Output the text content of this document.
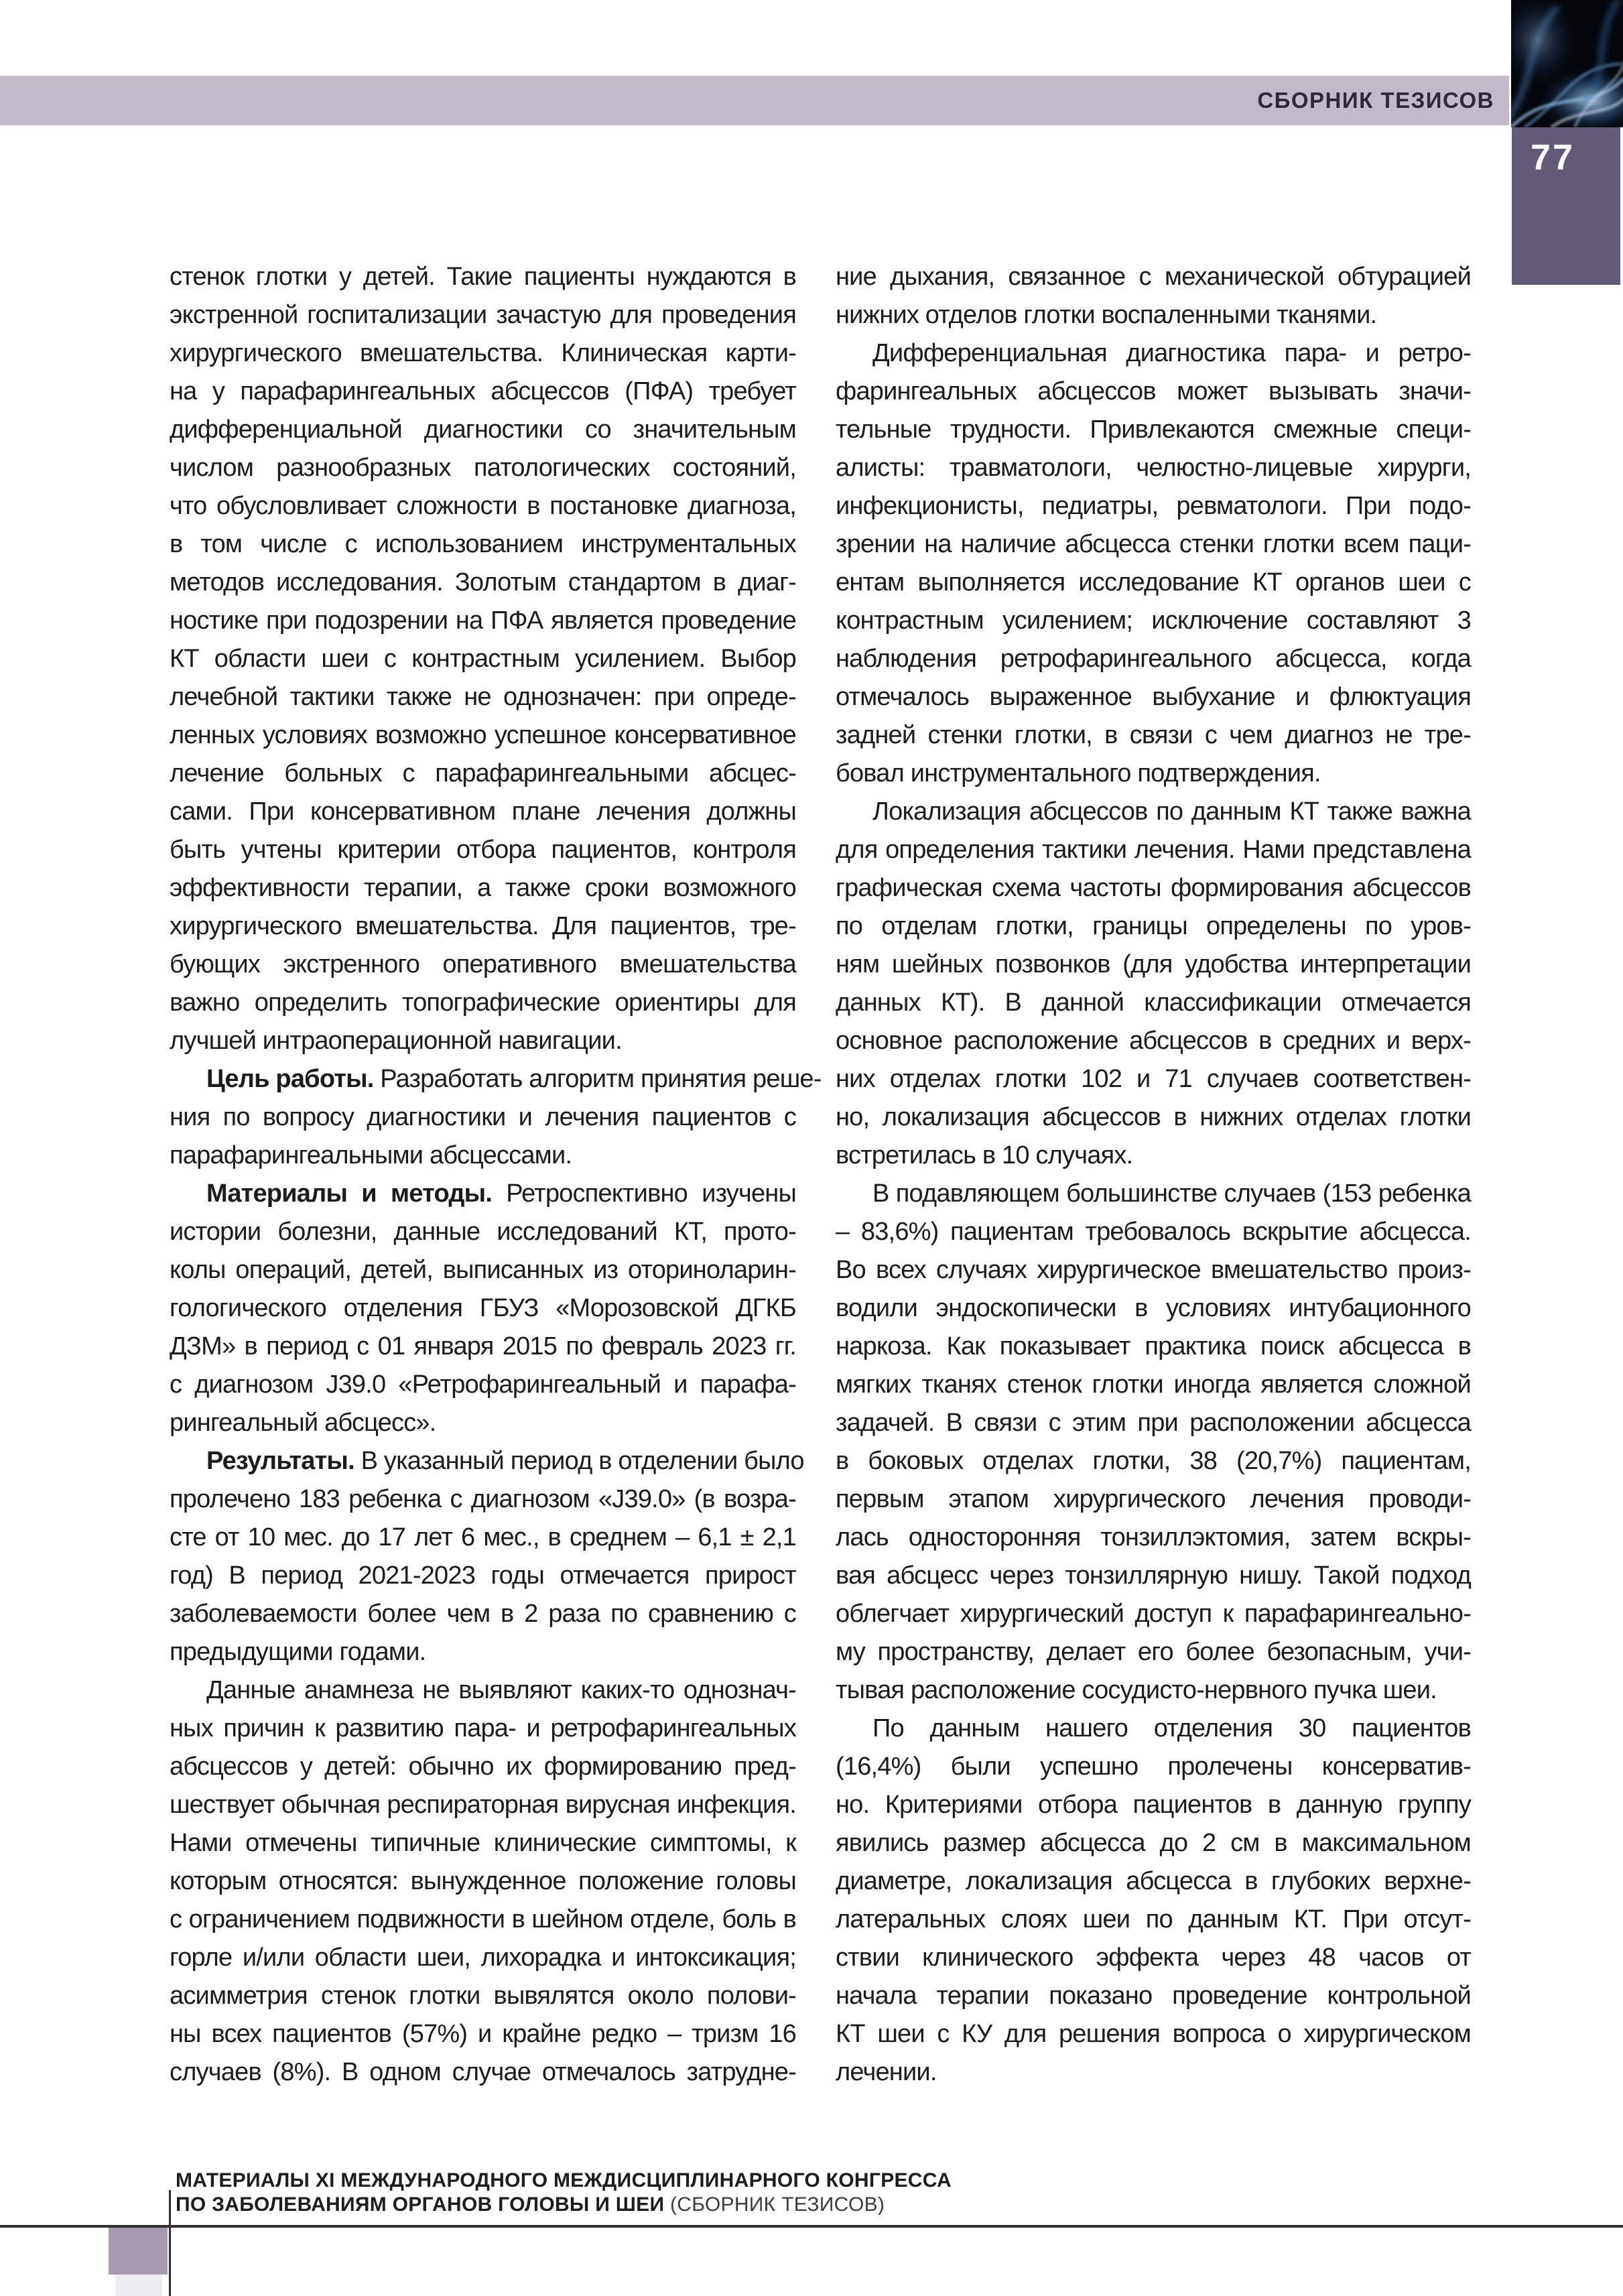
СБОРНИК ТЕЗИСОВ
77
стенок глотки у детей. Такие пациенты нуждаются в
экстренной госпитализации зачастую для проведения
хирургического вмешательства. Клиническая карти-
на у парафарингеальных абсцессов (ПФА) требует
дифференциальной диагностики со значительным
числом разнообразных патологических состояний,
что обусловливает сложности в постановке диагноза,
в том числе с использованием инструментальных
методов исследования. Золотым стандартом в диаг-
ностике при подозрении на ПФА является проведение
КТ области шеи с контрастным усилением. Выбор
лечебной тактики также не однозначен: при опреде-
ленных условиях возможно успешное консервативное
лечение больных с парафарингеальными абсцес-
сами. При консервативном плане лечения должны
быть учтены критерии отбора пациентов, контроля
эффективности терапии, а также сроки возможного
хирургического вмешательства. Для пациентов, тре-
бующих экстренного оперативного вмешательства
важно определить топографические ориентиры для
лучшей интраоперационной навигации.
Цель работы. Разработать алгоритм принятия реше-
ния по вопросу диагностики и лечения пациентов с
парафарингеальными абсцессами.
Материалы и методы. Ретроспективно изучены
истории болезни, данные исследований КТ, прото-
колы операций, детей, выписанных из оториноларин-
гологического отделения ГБУЗ «Морозовской ДГКБ
ДЗМ» в период с 01 января 2015 по февраль 2023 гг.
с диагнозом J39.0 «Ретрофарингеальный и парафа-
рингеальный абсцесс».
Результаты. В указанный период в отделении было
пролечено 183 ребенка с диагнозом «J39.0» (в возра-
сте от 10 мес. до 17 лет 6 мес., в среднем – 6,1 ± 2,1
год) В период 2021-2023 годы отмечается прирост
заболеваемости более чем в 2 раза по сравнению с
предыдущими годами.
Данные анамнеза не выявляют каких-то однознач-
ных причин к развитию пара- и ретрофарингеальных
абсцессов у детей: обычно их формированию пред-
шествует обычная респираторная вирусная инфекция.
Нами отмечены типичные клинические симптомы, к
которым относятся: вынужденное положение головы
с ограничением подвижности в шейном отделе, боль в
горле и/или области шеи, лихорадка и интоксикация;
асимметрия стенок глотки вывялятся около полови-
ны всех пациентов (57%) и крайне редко – тризм 16
случаев (8%). В одном случае отмечалось затрудне-
ние дыхания, связанное с механической обтурацией
нижних отделов глотки воспаленными тканями.
Дифференциальная диагностика пара- и ретро-
фарингеальных абсцессов может вызывать значи-
тельные трудности. Привлекаются смежные специ-
алисты: травматологи, челюстно-лицевые хирурги,
инфекционисты, педиатры, ревматологи. При подо-
зрении на наличие абсцесса стенки глотки всем паци-
ентам выполняется исследование КТ органов шеи с
контрастным усилением; исключение составляют 3
наблюдения ретрофарингеального абсцесса, когда
отмечалось выраженное выбухание и флюктуация
задней стенки глотки, в связи с чем диагноз не тре-
бовал инструментального подтверждения.
Локализация абсцессов по данным КТ также важна
для определения тактики лечения. Нами представлена
графическая схема частоты формирования абсцессов
по отделам глотки, границы определены по уров-
ням шейных позвонков (для удобства интерпретации
данных КТ). В данной классификации отмечается
основное расположение абсцессов в средних и верх-
них отделах глотки 102 и 71 случаев соответствен-
но, локализация абсцессов в нижних отделах глотки
встретилась в 10 случаях.
В подавляющем большинстве случаев (153 ребенка
– 83,6%) пациентам требовалось вскрытие абсцесса.
Во всех случаях хирургическое вмешательство произ-
водили эндоскопически в условиях интубационного
наркоза. Как показывает практика поиск абсцесса в
мягких тканях стенок глотки иногда является сложной
задачей. В связи с этим при расположении абсцесса
в боковых отделах глотки, 38 (20,7%) пациентам,
первым этапом хирургического лечения проводи-
лась односторонняя тонзиллэктомия, затем вскры-
вая абсцесс через тонзиллярную нишу. Такой подход
облегчает хирургический доступ к парафарингеально-
му пространству, делает его более безопасным, учи-
тывая расположение сосудисто-нервного пучка шеи.
По данным нашего отделения 30 пациентов
(16,4%) были успешно пролечены консерватив-
но. Критериями отбора пациентов в данную группу
явились размер абсцесса до 2 см в максимальном
диаметре, локализация абсцесса в глубоких верхне-
латеральных слоях шеи по данным КТ. При отсут-
ствии клинического эффекта через 48 часов от
начала терапии показано проведение контрольной
КТ шеи с КУ для решения вопроса о хирургическом
лечении.
МАТЕРИАЛЫ XI МЕЖДУНАРОДНОГО МЕЖДИСЦИПЛИНАРНОГО КОНГРЕССА
ПО ЗАБОЛЕВАНИЯМ ОРГАНОВ ГОЛОВЫ И ШЕИ (СБОРНИК ТЕЗИСОВ)
